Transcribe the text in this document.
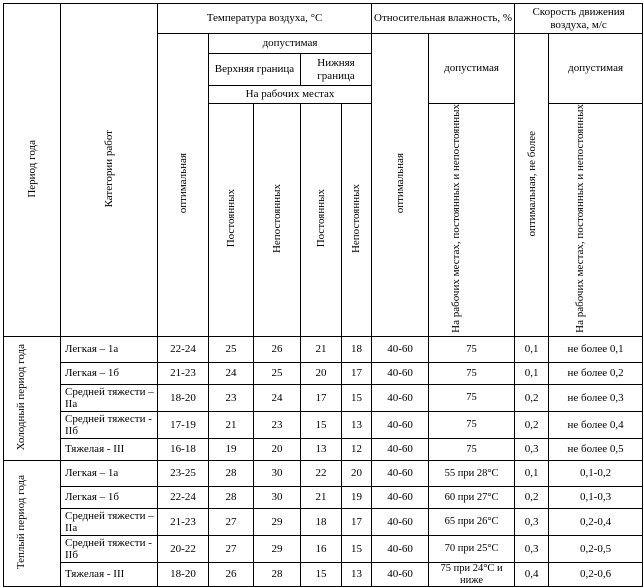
Период года	Категории работ	Температура воздуха, °С					Относительная влажность, %		Скорость движения воздуха, м/с	
		оптимальная	допустимая				оптимальная	допустимая	оптимальная, не более	допустимая
			Верхняя граница		Нижняя граница					
			На рабочих местах							
			Постоянных	Непостоянных	Постоянных	Непостоянных		На рабочих местах, постоянных и непостоянных		На рабочих местах, постоянных и непостоянных

Холодный период года	Легкая – 1а	22-24	25	26	21	18	40-60	75	0,1	не более 0,1
	Легкая – 1б	21-23	24	25	20	17	40-60	75	0,1	не более 0,2
	Средней тяжести – IIа	18-20	23	24	17	15	40-60	75	0,2	не более 0,3
	Средней тяжести - IIб	17-19	21	23	15	13	40-60	75	0,2	не более 0,4
	Тяжелая - III	16-18	19	20	13	12	40-60	75	0,3	не более 0,5
Теплый период года	Легкая – 1а	23-25	28	30	22	20	40-60	55 при 28°С	0,1	0,1-0,2
	Легкая – 1б	22-24	28	30	21	19	40-60	60 при 27°С	0,2	0,1-0,3
	Средней тяжести – IIа	21-23	27	29	18	17	40-60	65 при 26°С	0,3	0,2-0,4
	Средней тяжести - IIб	20-22	27	29	16	15	40-60	70 при 25°С	0,3	0,2-0,5
	Тяжелая - III	18-20	26	28	15	13	40-60	75 при 24°С и ниже	0,4	0,2-0,6
